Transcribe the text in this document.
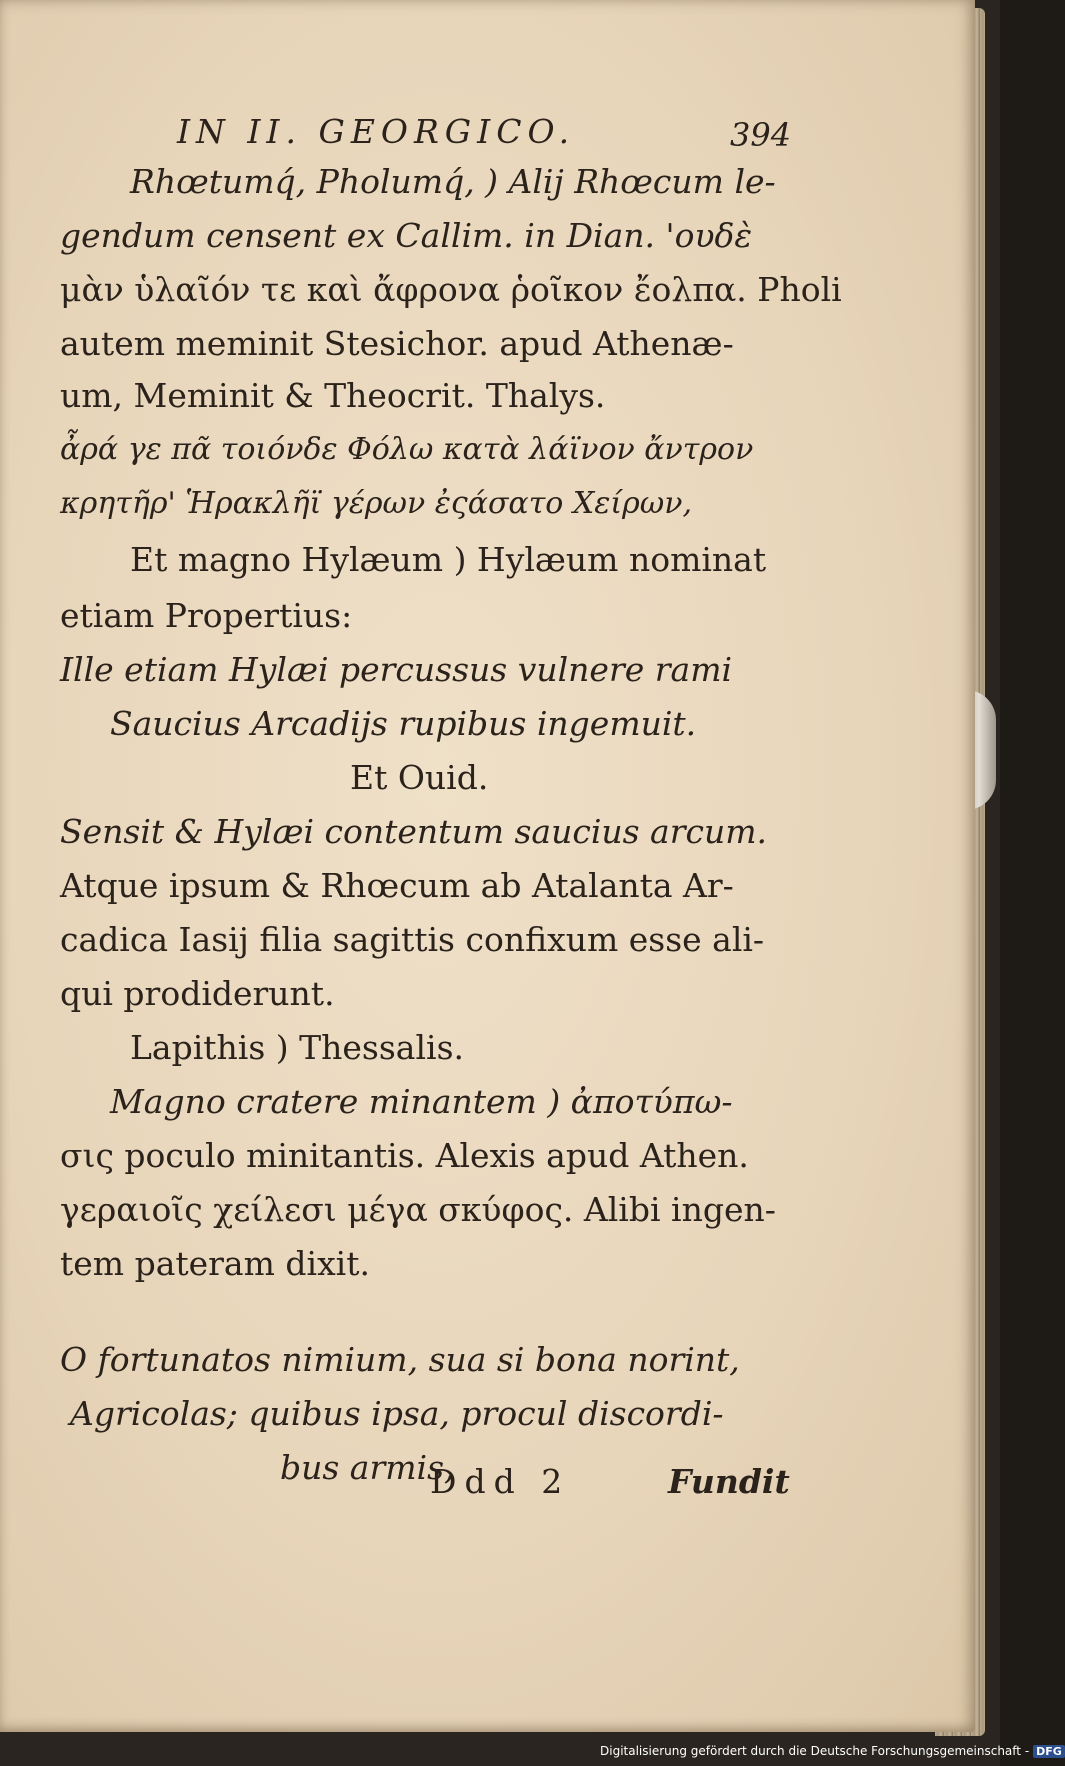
IN II. GEORGICO.	394
Rhœtumq́, Pholumq́, ) Alij Rhœcum le-
gendum censent ex Callim. in Dian. 'ουδὲ
μὰν ὑλαῖόν τε καὶ ἄφρονα ῥοῖκον ἔολπα. Pholi
autem meminit Stesichor. apud Athenæ-
um, Meminit & Theocrit. Thalys.
ἆρά γε πᾶ τοιόνδε Φόλω κατὰ λάϊνον ἄντρον
κρητῆρ' Ἡρακλῆϊ γέρων ἐςάσατο Χείρων,
Et magno Hylæum ) Hylæum nominat
etiam Propertius:
Ille etiam Hylæi percussus vulnere rami
Saucius Arcadijs rupibus ingemuit.
Et Ouid.
Sensit & Hylæi contentum saucius arcum.
Atque ipsum & Rhœcum ab Atalanta Ar-
cadica Iasij filia sagittis confixum esse ali-
qui prodiderunt.
Lapithis ) Thessalis.
Magno cratere minantem ) ἀποτύπω-
σις poculo minitantis. Alexis apud Athen.
γεραιοῖς χείλεσι μέγα σκύφος. Alibi ingen-
tem pateram dixit.
O fortunatos nimium, sua si bona norint,
Agricolas; quibus ipsa, procul discordi-
bus armis,
Ddd 2	Fundit
Digitalisierung gefördert durch die Deutsche Forschungsgemeinschaft - DFG
